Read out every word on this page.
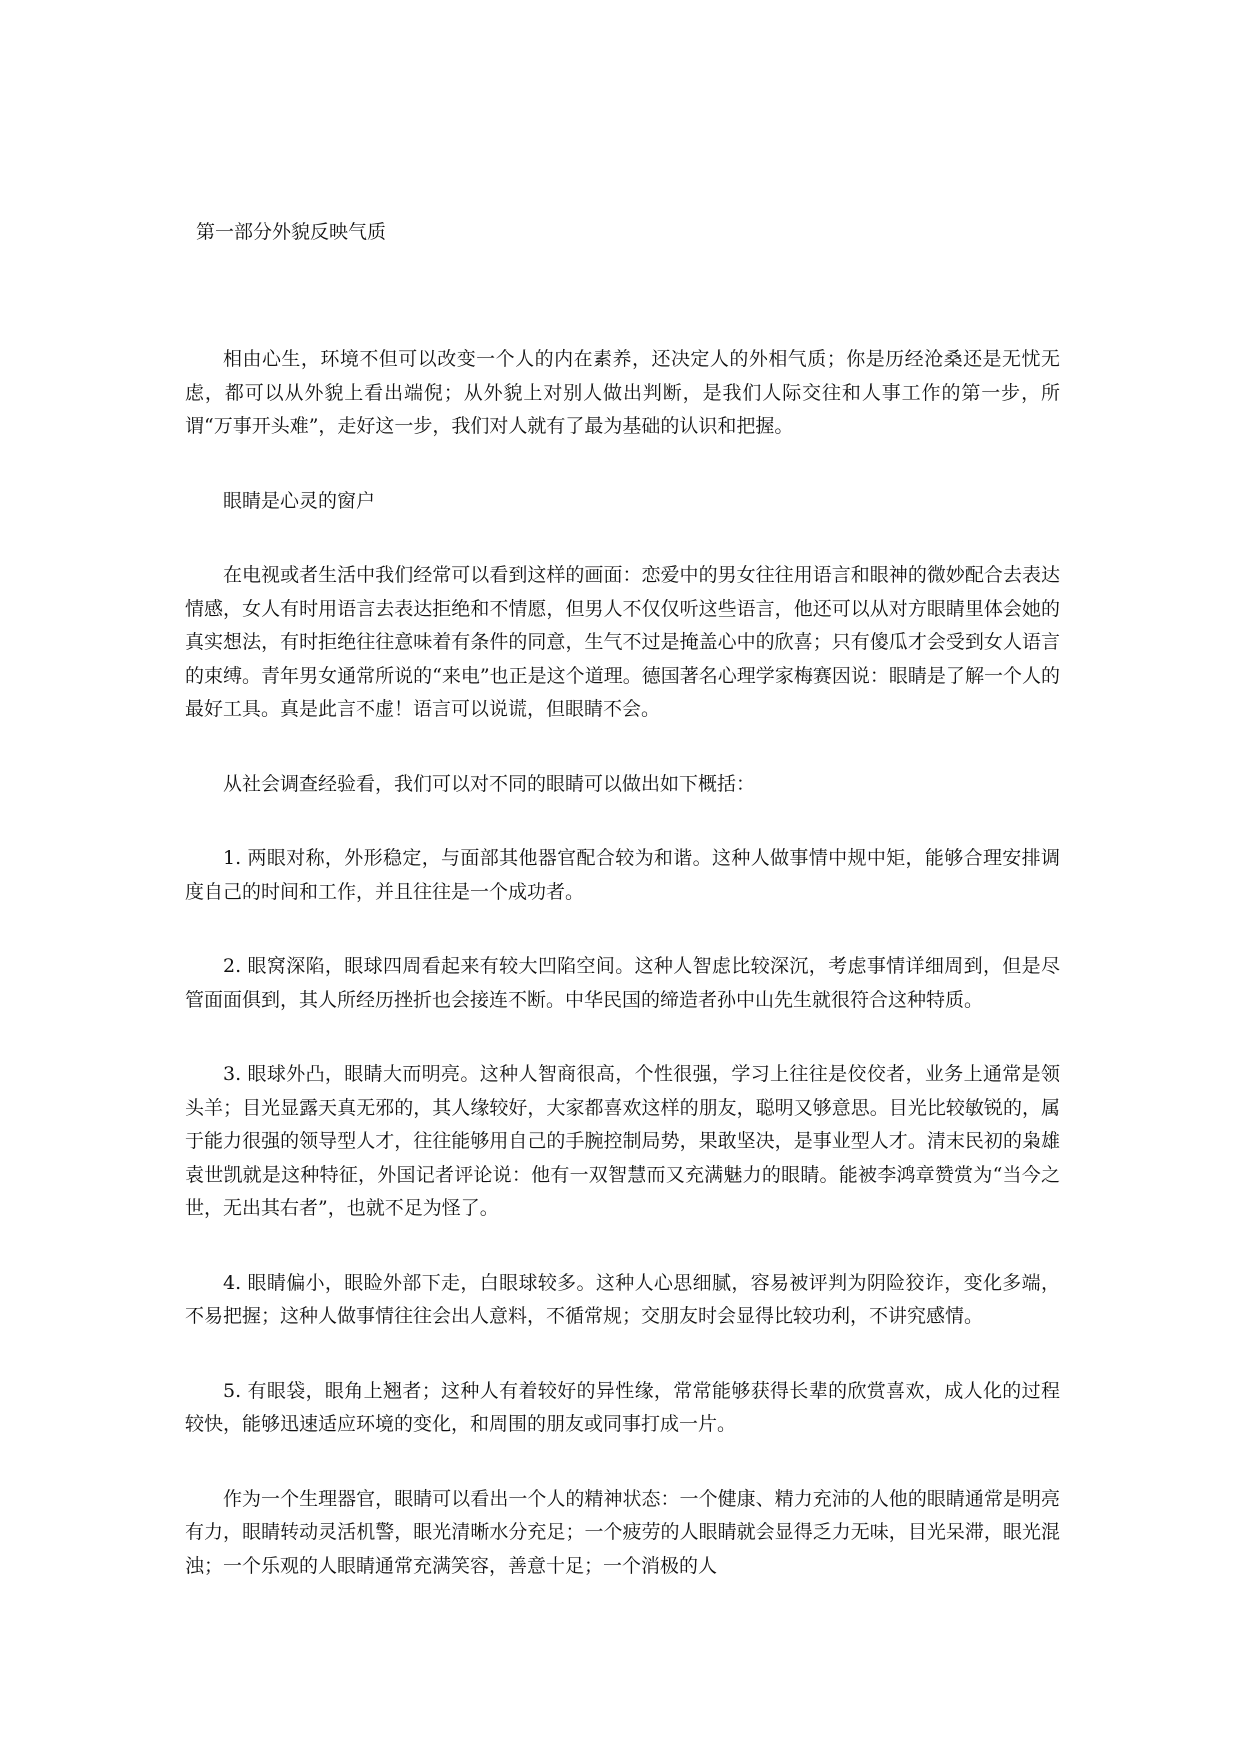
第一部分外貌反映气质

相由心生，环境不但可以改变一个人的内在素养，还决定人的外相气质；你是历经沧桑还是无忧无虑，都可以从外貌上看出端倪；从外貌上对别人做出判断，是我们人际交往和人事工作的第一步，所谓“万事开头难”，走好这一步，我们对人就有了最为基础的认识和把握。

眼睛是心灵的窗户

在电视或者生活中我们经常可以看到这样的画面：恋爱中的男女往往用语言和眼神的微妙配合去表达情感，女人有时用语言去表达拒绝和不情愿，但男人不仅仅听这些语言，他还可以从对方眼睛里体会她的真实想法，有时拒绝往往意味着有条件的同意，生气不过是掩盖心中的欣喜；只有傻瓜才会受到女人语言的束缚。青年男女通常所说的“来电”也正是这个道理。德国著名心理学家梅赛因说：眼睛是了解一个人的最好工具。真是此言不虚！语言可以说谎，但眼睛不会。

从社会调查经验看，我们可以对不同的眼睛可以做出如下概括：

1. 两眼对称，外形稳定，与面部其他器官配合较为和谐。这种人做事情中规中矩，能够合理安排调度自己的时间和工作，并且往往是一个成功者。

2. 眼窝深陷，眼球四周看起来有较大凹陷空间。这种人智虑比较深沉，考虑事情详细周到，但是尽管面面俱到，其人所经历挫折也会接连不断。中华民国的缔造者孙中山先生就很符合这种特质。

3. 眼球外凸，眼睛大而明亮。这种人智商很高，个性很强，学习上往往是佼佼者，业务上通常是领头羊；目光显露天真无邪的，其人缘较好，大家都喜欢这样的朋友，聪明又够意思。目光比较敏锐的，属于能力很强的领导型人才，往往能够用自己的手腕控制局势，果敢坚决，是事业型人才。清末民初的枭雄袁世凯就是这种特征，外国记者评论说：他有一双智慧而又充满魅力的眼睛。能被李鸿章赞赏为“当今之世，无出其右者”，也就不足为怪了。

4. 眼睛偏小，眼睑外部下走，白眼球较多。这种人心思细腻，容易被评判为阴险狡诈，变化多端，不易把握；这种人做事情往往会出人意料，不循常规；交朋友时会显得比较功利，不讲究感情。

5. 有眼袋，眼角上翘者；这种人有着较好的异性缘，常常能够获得长辈的欣赏喜欢，成人化的过程较快，能够迅速适应环境的变化，和周围的朋友或同事打成一片。

作为一个生理器官，眼睛可以看出一个人的精神状态：一个健康、精力充沛的人他的眼睛通常是明亮有力，眼睛转动灵活机警，眼光清晰水分充足；一个疲劳的人眼睛就会显得乏力无味，目光呆滞，眼光混浊；一个乐观的人眼睛通常充满笑容，善意十足；一个消极的人
